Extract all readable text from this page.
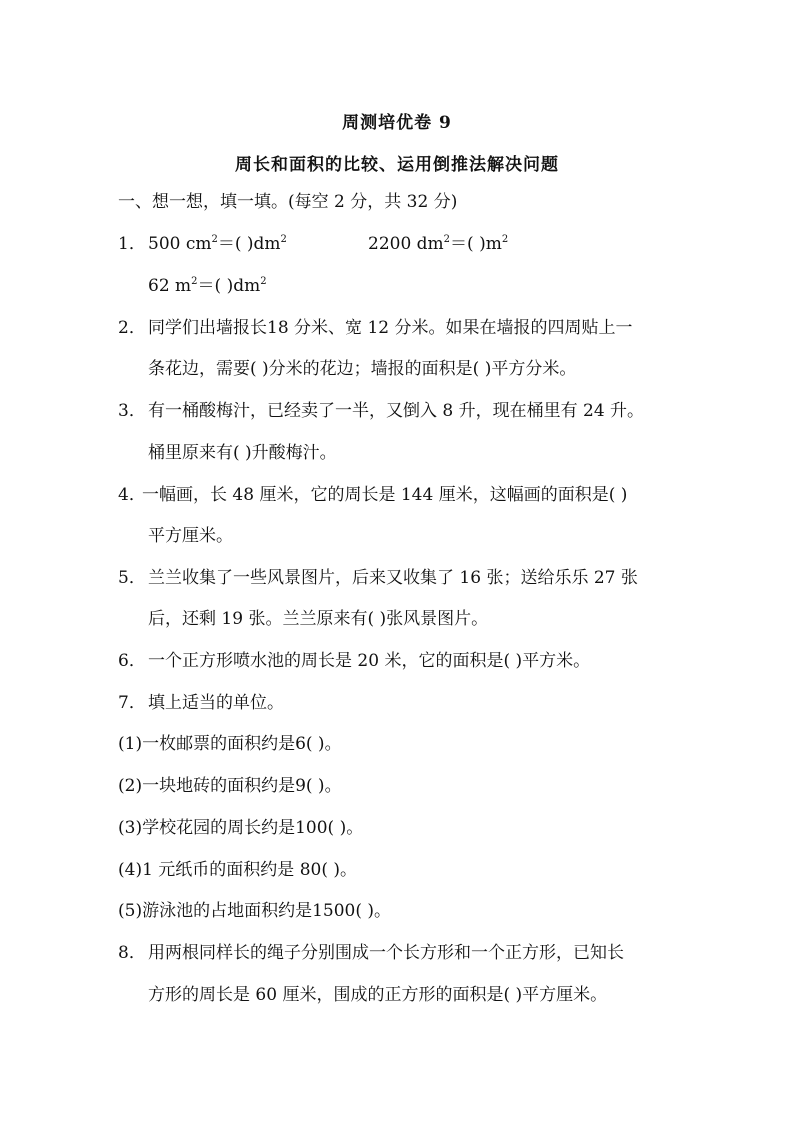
周测培优卷 9
周长和面积的比较、运用倒推法解决问题
一、想一想，填一填。(每空 2 分，共 32 分)
1． 500 $cm^2=$( )$dm^2$	2200 $dm^2=$( )$m^2$
62 $m^2=$( )$dm^2$
2． 同学们出墙报长18 分米、宽 12 分米。如果在墙报的四周贴上一
条花边，需要( )分米的花边；墙报的面积是( )平方分米。
3． 有一桶酸梅汁，已经卖了一半，又倒入 8 升，现在桶里有 24 升。
桶里原来有( )升酸梅汁。
4．
一幅画，长 48 厘米，它的周长是 144 厘米，这幅画的面积是( )
平方厘米。
5． 兰兰收集了一些风景图片，后来又收集了 16 张；送给乐乐 27 张
后，还剩 19 张。兰兰原来有( )张风景图片。
6． 一个正方形喷水池的周长是 20 米，它的面积是( )平方米。
7． 填上适当的单位。
(1)一枚邮票的面积约是6( )。
(2)一块地砖的面积约是9( )。
(3)学校花园的周长约是100( )。
(4)1 元纸币的面积约是 80( )。
(5)游泳池的占地面积约是1500( )。
8． 用两根同样长的绳子分别围成一个长方形和一个正方形，已知长
方形的周长是 60 厘米，围成的正方形的面积是( )平方厘米。
